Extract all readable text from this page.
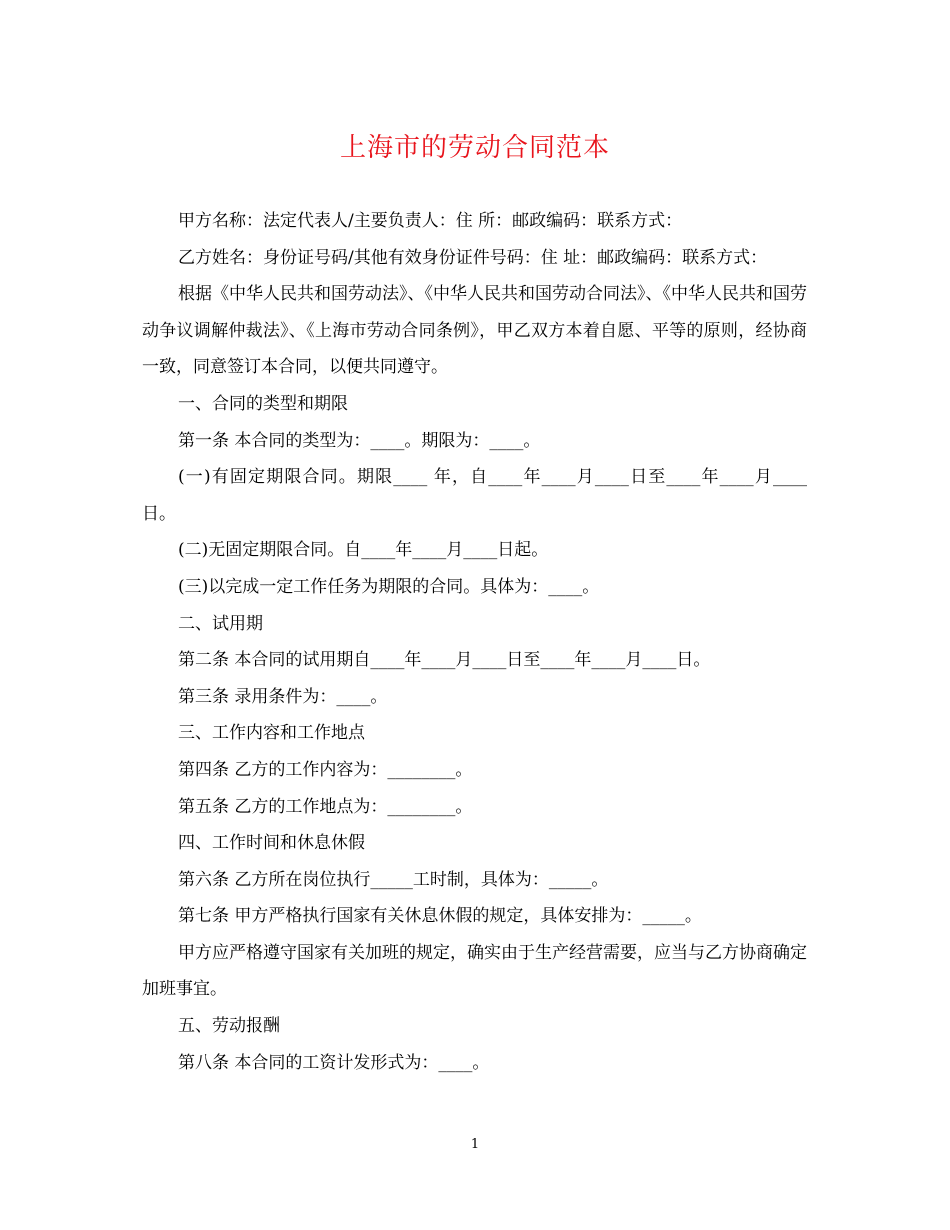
上海市的劳动合同范本

甲方名称：法定代表人/主要负责人：住 所：邮政编码：联系方式：

乙方姓名：身份证号码/其他有效身份证件号码：住 址：邮政编码：联系方式：

根据《中华人民共和国劳动法》、《中华人民共和国劳动合同法》、《中华人民共和国劳动争议调解仲裁法》、《上海市劳动合同条例》，甲乙双方本着自愿、平等的原则，经协商一致，同意签订本合同，以便共同遵守。

一、合同的类型和期限

第一条 本合同的类型为：____。期限为：____。

(一)有固定期限合同。期限____ 年，自____年____月____日至____年____月____日。

(二)无固定期限合同。自____年____月____日起。

(三)以完成一定工作任务为期限的合同。具体为：____。

二、试用期

第二条 本合同的试用期自____年____月____日至____年____月____日。

第三条 录用条件为：____。

三、工作内容和工作地点

第四条 乙方的工作内容为：________。

第五条 乙方的工作地点为：________。

四、工作时间和休息休假

第六条 乙方所在岗位执行_____工时制，具体为：_____。

第七条 甲方严格执行国家有关休息休假的规定，具体安排为：_____。

甲方应严格遵守国家有关加班的规定，确实由于生产经营需要，应当与乙方协商确定加班事宜。

五、劳动报酬

第八条 本合同的工资计发形式为：____。

1
